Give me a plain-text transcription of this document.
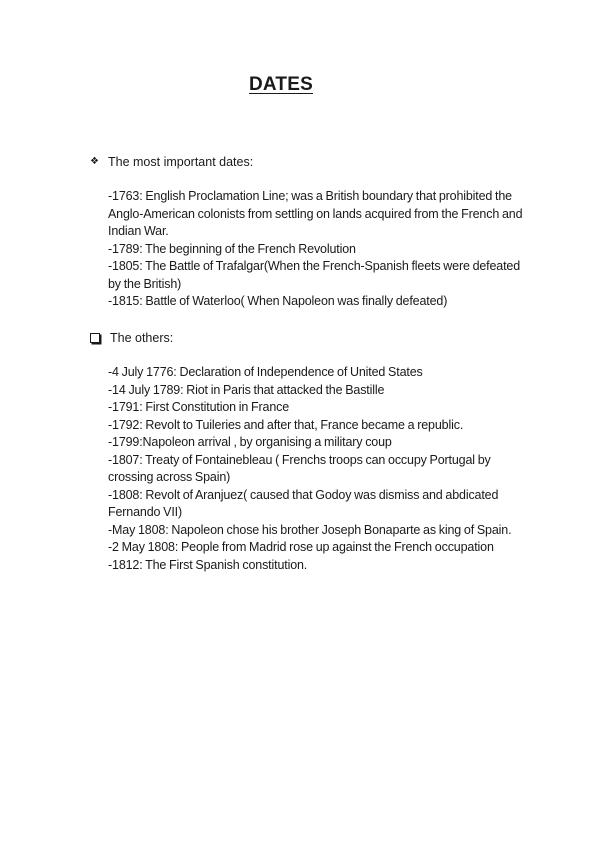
DATES
❖ The most important dates:
-1763: English Proclamation Line; was a British boundary that prohibited the Anglo-American colonists from settling on lands acquired from the French and Indian War.
-1789: The beginning of the French Revolution
-1805: The Battle of Trafalgar(When the French-Spanish fleets were defeated by the British)
-1815: Battle of Waterloo( When Napoleon was finally defeated)
The others:
-4 July 1776: Declaration of Independence of United States
-14 July 1789: Riot in Paris that attacked the Bastille
-1791: First Constitution in France
-1792: Revolt to Tuileries and after that, France became a republic.
-1799:Napoleon arrival , by organising a military coup
-1807: Treaty of Fontainebleau ( Frenchs troops can occupy Portugal by crossing across Spain)
-1808: Revolt of Aranjuez( caused that Godoy was dismiss and abdicated Fernando VII)
-May 1808: Napoleon chose his brother Joseph Bonaparte as king of Spain.
-2 May 1808: People from Madrid rose up against the French occupation
-1812: The First Spanish constitution.
